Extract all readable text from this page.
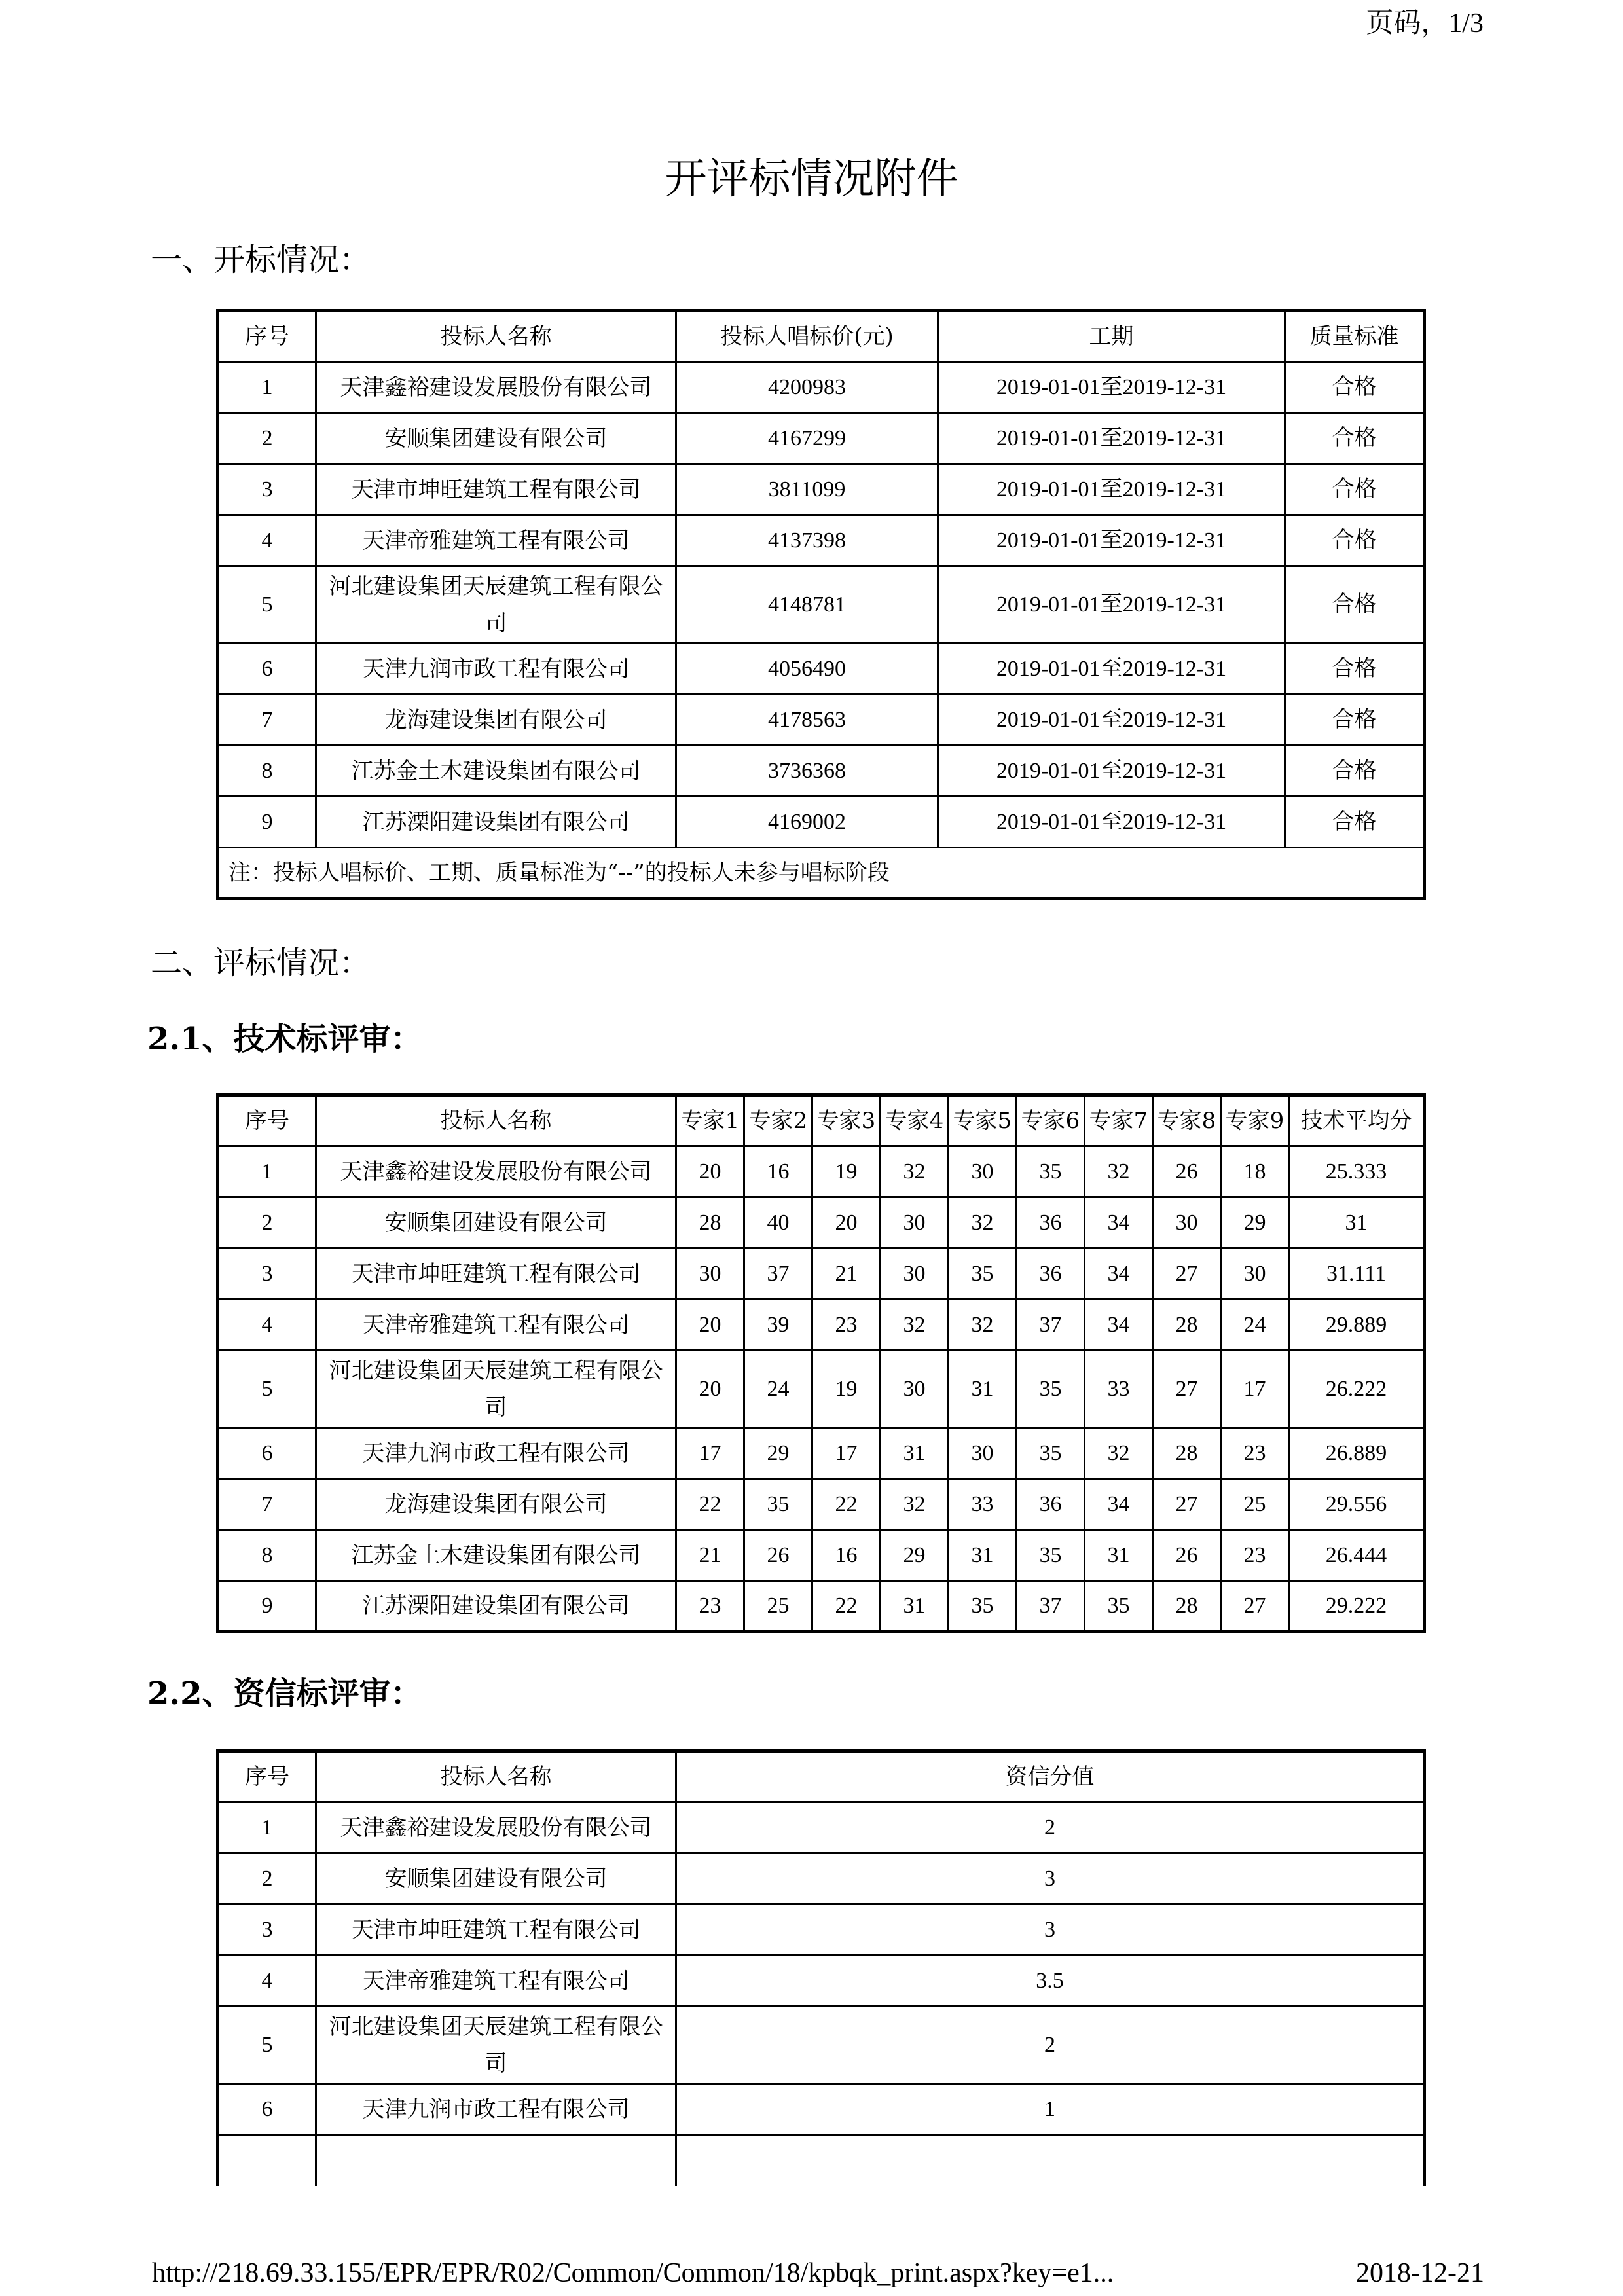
页码，1/3
开评标情况附件
一、开标情况：
序号	投标人名称	投标人唱标价(元)	工期	质量标准
1	天津鑫裕建设发展股份有限公司	4200983	2019-01-01至2019-12-31	合格
2	安顺集团建设有限公司	4167299	2019-01-01至2019-12-31	合格
3	天津市坤旺建筑工程有限公司	3811099	2019-01-01至2019-12-31	合格
4	天津帝雅建筑工程有限公司	4137398	2019-01-01至2019-12-31	合格
5	河北建设集团天辰建筑工程有限公司	4148781	2019-01-01至2019-12-31	合格
6	天津九润市政工程有限公司	4056490	2019-01-01至2019-12-31	合格
7	龙海建设集团有限公司	4178563	2019-01-01至2019-12-31	合格
8	江苏金土木建设集团有限公司	3736368	2019-01-01至2019-12-31	合格
9	江苏溧阳建设集团有限公司	4169002	2019-01-01至2019-12-31	合格
注：投标人唱标价、工期、质量标准为“--”的投标人未参与唱标阶段				
二、评标情况：
2.1、技术标评审：
序号	投标人名称	专家1	专家2	专家3	专家4	专家5	专家6	专家7	专家8	专家9	技术平均分
1	天津鑫裕建设发展股份有限公司	20	16	19	32	30	35	32	26	18	25.333
2	安顺集团建设有限公司	28	40	20	30	32	36	34	30	29	31
3	天津市坤旺建筑工程有限公司	30	37	21	30	35	36	34	27	30	31.111
4	天津帝雅建筑工程有限公司	20	39	23	32	32	37	34	28	24	29.889
5	河北建设集团天辰建筑工程有限公司	20	24	19	30	31	35	33	27	17	26.222
6	天津九润市政工程有限公司	17	29	17	31	30	35	32	28	23	26.889
7	龙海建设集团有限公司	22	35	22	32	33	36	34	27	25	29.556
8	江苏金土木建设集团有限公司	21	26	16	29	31	35	31	26	23	26.444
9	江苏溧阳建设集团有限公司	23	25	22	31	35	37	35	28	27	29.222
2.2、资信标评审：
序号	投标人名称	资信分值
1	天津鑫裕建设发展股份有限公司	2
2	安顺集团建设有限公司	3
3	天津市坤旺建筑工程有限公司	3
4	天津帝雅建筑工程有限公司	3.5
5	河北建设集团天辰建筑工程有限公司	2
6	天津九润市政工程有限公司	1

http://218.69.33.155/EPR/EPR/R02/Common/Common/18/kpbqk_print.aspx?key=e1...	2018-12-21
